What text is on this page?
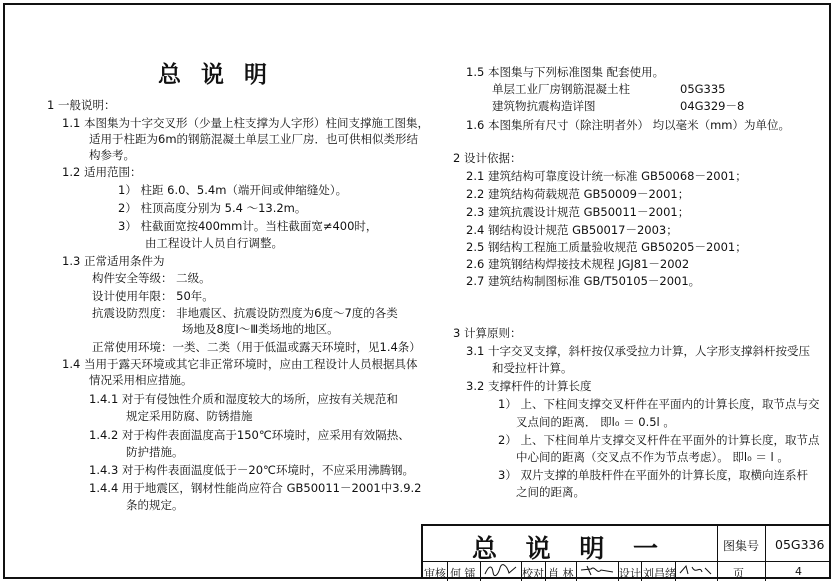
总 说 明
1 一般说明：
1.1 本图集为十字交叉形（少量上柱支撑为人字形）柱间支撑施工图集，
适用于柱距为6m的钢筋混凝土单层工业厂房．也可供相似类形结
构参考。
1.2 适用范围：
1） 柱距 6.0、5.4m（端开间或伸缩缝处）。
2） 柱顶高度分别为 5.4 ～13.2m。
3） 柱截面宽按400mm计。当柱截面宽≠400时，
由工程设计人员自行调整。
1.3 正常适用条件为
构件安全等级： 二级。
设计使用年限： 50年。
抗震设防烈度： 非地震区、抗震设防烈度为6度～7度的各类
场地及8度Ⅰ～Ⅲ类场地的地区。
正常使用环境：一类、二类（用于低温或露天环境时，见1.4条）
1.4 当用于露天环境或其它非正常环境时，应由工程设计人员根据具体
情况采用相应措施。
1.4.1 对于有侵蚀性介质和湿度较大的场所，应按有关规范和
规定采用防腐、防锈措施
1.4.2 对于构件表面温度高于150℃环境时，应采用有效隔热、
防护措施。
1.4.3 对于构件表面温度低于－20℃环境时，不应采用沸腾钢。
1.4.4 用于地震区，钢材性能尚应符合 GB50011－2001中3.9.2
条的规定。
1.5 本图集与下列标准图集 配套使用。
单层工业厂房钢筋混凝土柱	05G335
建筑物抗震构造详图	04G329－8
1.6 本图集所有尺寸（除注明者外） 均以毫米（mm）为单位。
2 设计依据：
2.1 建筑结构可靠度设计统一标准 GB50068－2001；
2.2 建筑结构荷载规范 GB50009－2001；
2.3 建筑抗震设计规范 GB50011－2001；
2.4 钢结构设计规范 GB50017－2003；
2.5 钢结构工程施工质量验收规范 GB50205－2001；
2.6 建筑钢结构焊接技术规程 JGJ81－2002
2.7 建筑结构制图标准 GB/T50105－2001。
3 计算原则：
3.1 十字交叉支撑，斜杆按仅承受拉力计算，人字形支撑斜杆按受压
和受拉杆计算。
3.2 支撑杆件的计算长度
1） 上、下柱间支撑交叉杆件在平面内的计算长度，取节点与交
叉点间的距离． 即l₀ ＝ 0.5l 。
2） 上、下柱间单片支撑交叉杆件在平面外的计算长度，取节点
中心间的距离（交叉点不作为节点考虑）。 即l₀ ＝ l 。
3） 双片支撑的单肢杆件在平面外的计算长度，取横向连系杆
之间的距离。
总 说 明 一	图集号 05G336
审核 何 镭	校对 肖 林	设计 刘昌绪	页	4
